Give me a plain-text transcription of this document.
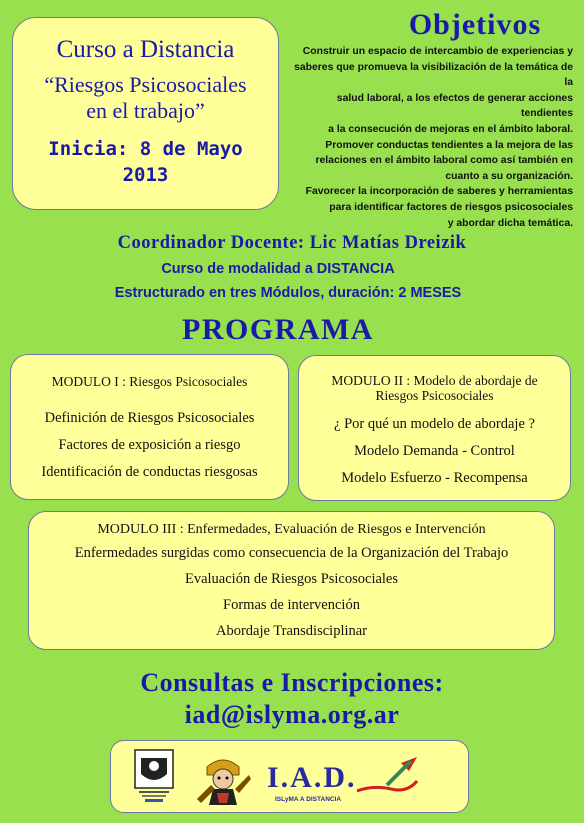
Curso a Distancia
“Riesgos Psicosociales
en el trabajo”
Inicia: 8 de Mayo
2013
Objetivos
Construir un espacio de intercambio de experiencias y
saberes que promueva la visibilización de la temática de la
salud laboral, a los efectos de generar acciones tendientes
a la consecución de mejoras en el ámbito laboral.
Promover conductas tendientes a la mejora de las
relaciones en el ámbito laboral como así también en
cuanto a su organización.
Favorecer la incorporación de saberes y herramientas
para identificar factores de riesgos psicosociales
y abordar dicha temática.
Coordinador Docente: Lic Matías Dreizik
Curso de modalidad a DISTANCIA
Estructurado en tres Módulos, duración: 2 MESES
PROGRAMA
MODULO I : Riesgos Psicosociales
Definición de Riesgos Psicosociales
Factores de exposición a riesgo
Identificación de conductas riesgosas
MODULO II : Modelo de abordaje de
Riesgos Psicosociales
¿ Por qué un modelo de abordaje ?
Modelo Demanda - Control
Modelo Esfuerzo - Recompensa
MODULO III : Enfermedades, Evaluación de Riesgos e Intervención
Enfermedades surgidas como consecuencia de la Organización del Trabajo
Evaluación de Riesgos Psicosociales
Formas de intervención
Abordaje Transdisciplinar
Consultas e Inscripciones:
iad@islyma.org.ar
I.A.D.
ISLyMA A DISTANCIA
